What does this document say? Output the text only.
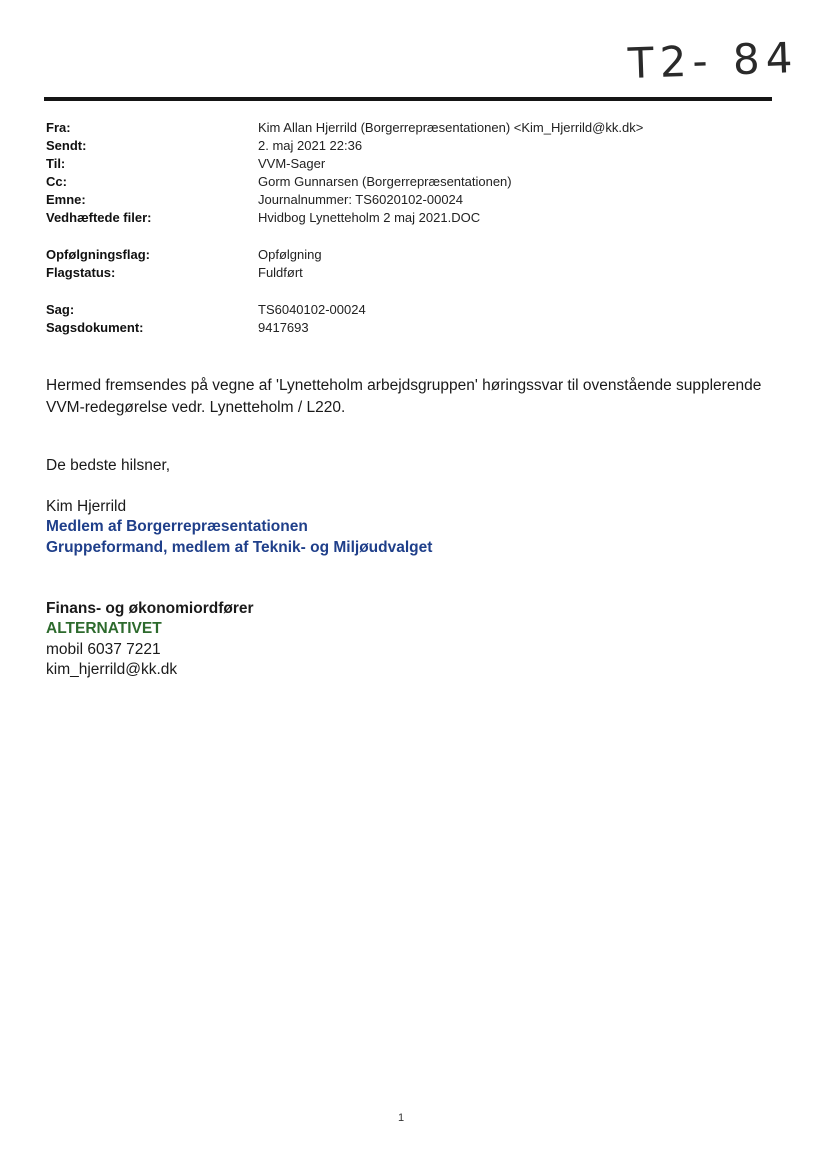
T2- 84
Fra:	Kim Allan Hjerrild (Borgerrepræsentationen) <Kim_Hjerrild@kk.dk>
Sendt:	2. maj 2021 22:36
Til:	VVM-Sager
Cc:	Gorm Gunnarsen (Borgerrepræsentationen)
Emne:	Journalnummer: TS6020102-00024
Vedhæftede filer:	Hvidbog Lynetteholm 2 maj 2021.DOC
Opfølgningsflag:	Opfølgning
Flagstatus:	Fuldført
Sag:	TS6040102-00024
Sagsdokument:	9417693
Hermed fremsendes på vegne af 'Lynetteholm arbejdsgruppen' høringssvar til ovenstående supplerende
VVM-redegørelse vedr. Lynetteholm / L220.
De bedste hilsner,
Kim Hjerrild
Medlem af Borgerrepræsentationen
Gruppeformand, medlem af Teknik- og Miljøudvalget
Finans- og økonomiordfører
ALTERNATIVET
mobil 6037 7221
kim_hjerrild@kk.dk
1
